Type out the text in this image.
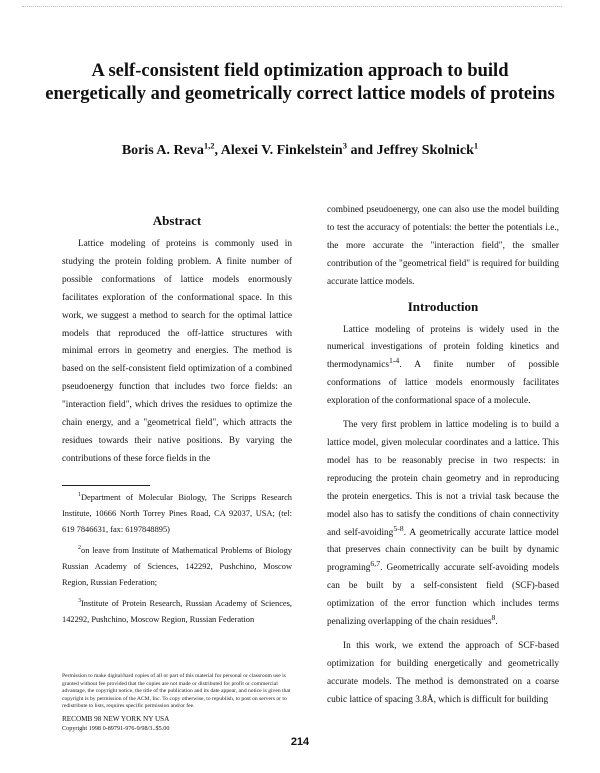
A self-consistent field optimization approach to build energetically and geometrically correct lattice models of proteins
Boris A. Reva$^{1,2}$, Alexei V. Finkelstein$^3$ and Jeffrey Skolnick$^1$
Abstract

Lattice modeling of proteins is commonly used in studying the protein folding problem. A finite number of possible conformations of lattice models enormously facilitates exploration of the conformational space. In this work, we suggest a method to search for the optimal lattice models that reproduced the off-lattice structures with minimal errors in geometry and energies. The method is based on the self-consistent field optimization of a combined pseudoenergy function that includes two force fields: an "interaction field", which drives the residues to optimize the chain energy, and a "geometrical field", which attracts the residues towards their native positions. By varying the contributions of these force fields in the

$^1$Department of Molecular Biology, The Scripps Research Institute, 10666 North Torrey Pines Road, CA 92037, USA; (tel: 619 7846631, fax: 6197848895)

$^2$on leave from Institute of Mathematical Problems of Biology Russian Academy of Sciences, 142292, Pushchino, Moscow Region, Russian Federation;

$^3$Institute of Protein Research, Russian Academy of Sciences, 142292, Pushchino, Moscow Region, Russian Federation

Permission to make digital/hard copies of all or part of this material for personal or classroom use is granted without fee provided that the copies are not made or distributed for profit or commercial advantage, the copyright notice, the title of the publication and its date appear, and notice is given that copyright is by permission of the ACM, Inc. To copy otherwise, to republish, to post on servers or to redistribute to lists, requires specific permission and/or fee.
RECOMB 98 NEW YORK NY USA
Copyright 1998 0-89791-976-9/98/3..$5.00

combined pseudoenergy, one can also use the model building to test the accuracy of potentials: the better the potentials i.e., the more accurate the "interaction field", the smaller contribution of the "geometrical field" is required for building accurate lattice models.

Introduction

Lattice modeling of proteins is widely used in the numerical investigations of protein folding kinetics and thermodynamics$^{1-4}$. A finite number of possible conformations of lattice models enormously facilitates exploration of the conformational space of a molecule.

The very first problem in lattice modeling is to build a lattice model, given molecular coordinates and a lattice. This model has to be reasonably precise in two respects: in reproducing the protein chain geometry and in reproducing the protein energetics. This is not a trivial task because the model also has to satisfy the conditions of chain connectivity and self-avoiding$^{5-8}$. A geometrically accurate lattice model that preserves chain connectivity can be built by dynamic programing$^{6,7}$. Geometrically accurate self-avoiding models can be built by a self-consistent field (SCF)-based optimization of the error function which includes terms penalizing overlapping of the chain residues$^8$.

In this work, we extend the approach of SCF-based optimization for building energetically and geometrically accurate models. The method is demonstrated on a coarse cubic lattice of spacing 3.8Å, which is difficult for building

214
